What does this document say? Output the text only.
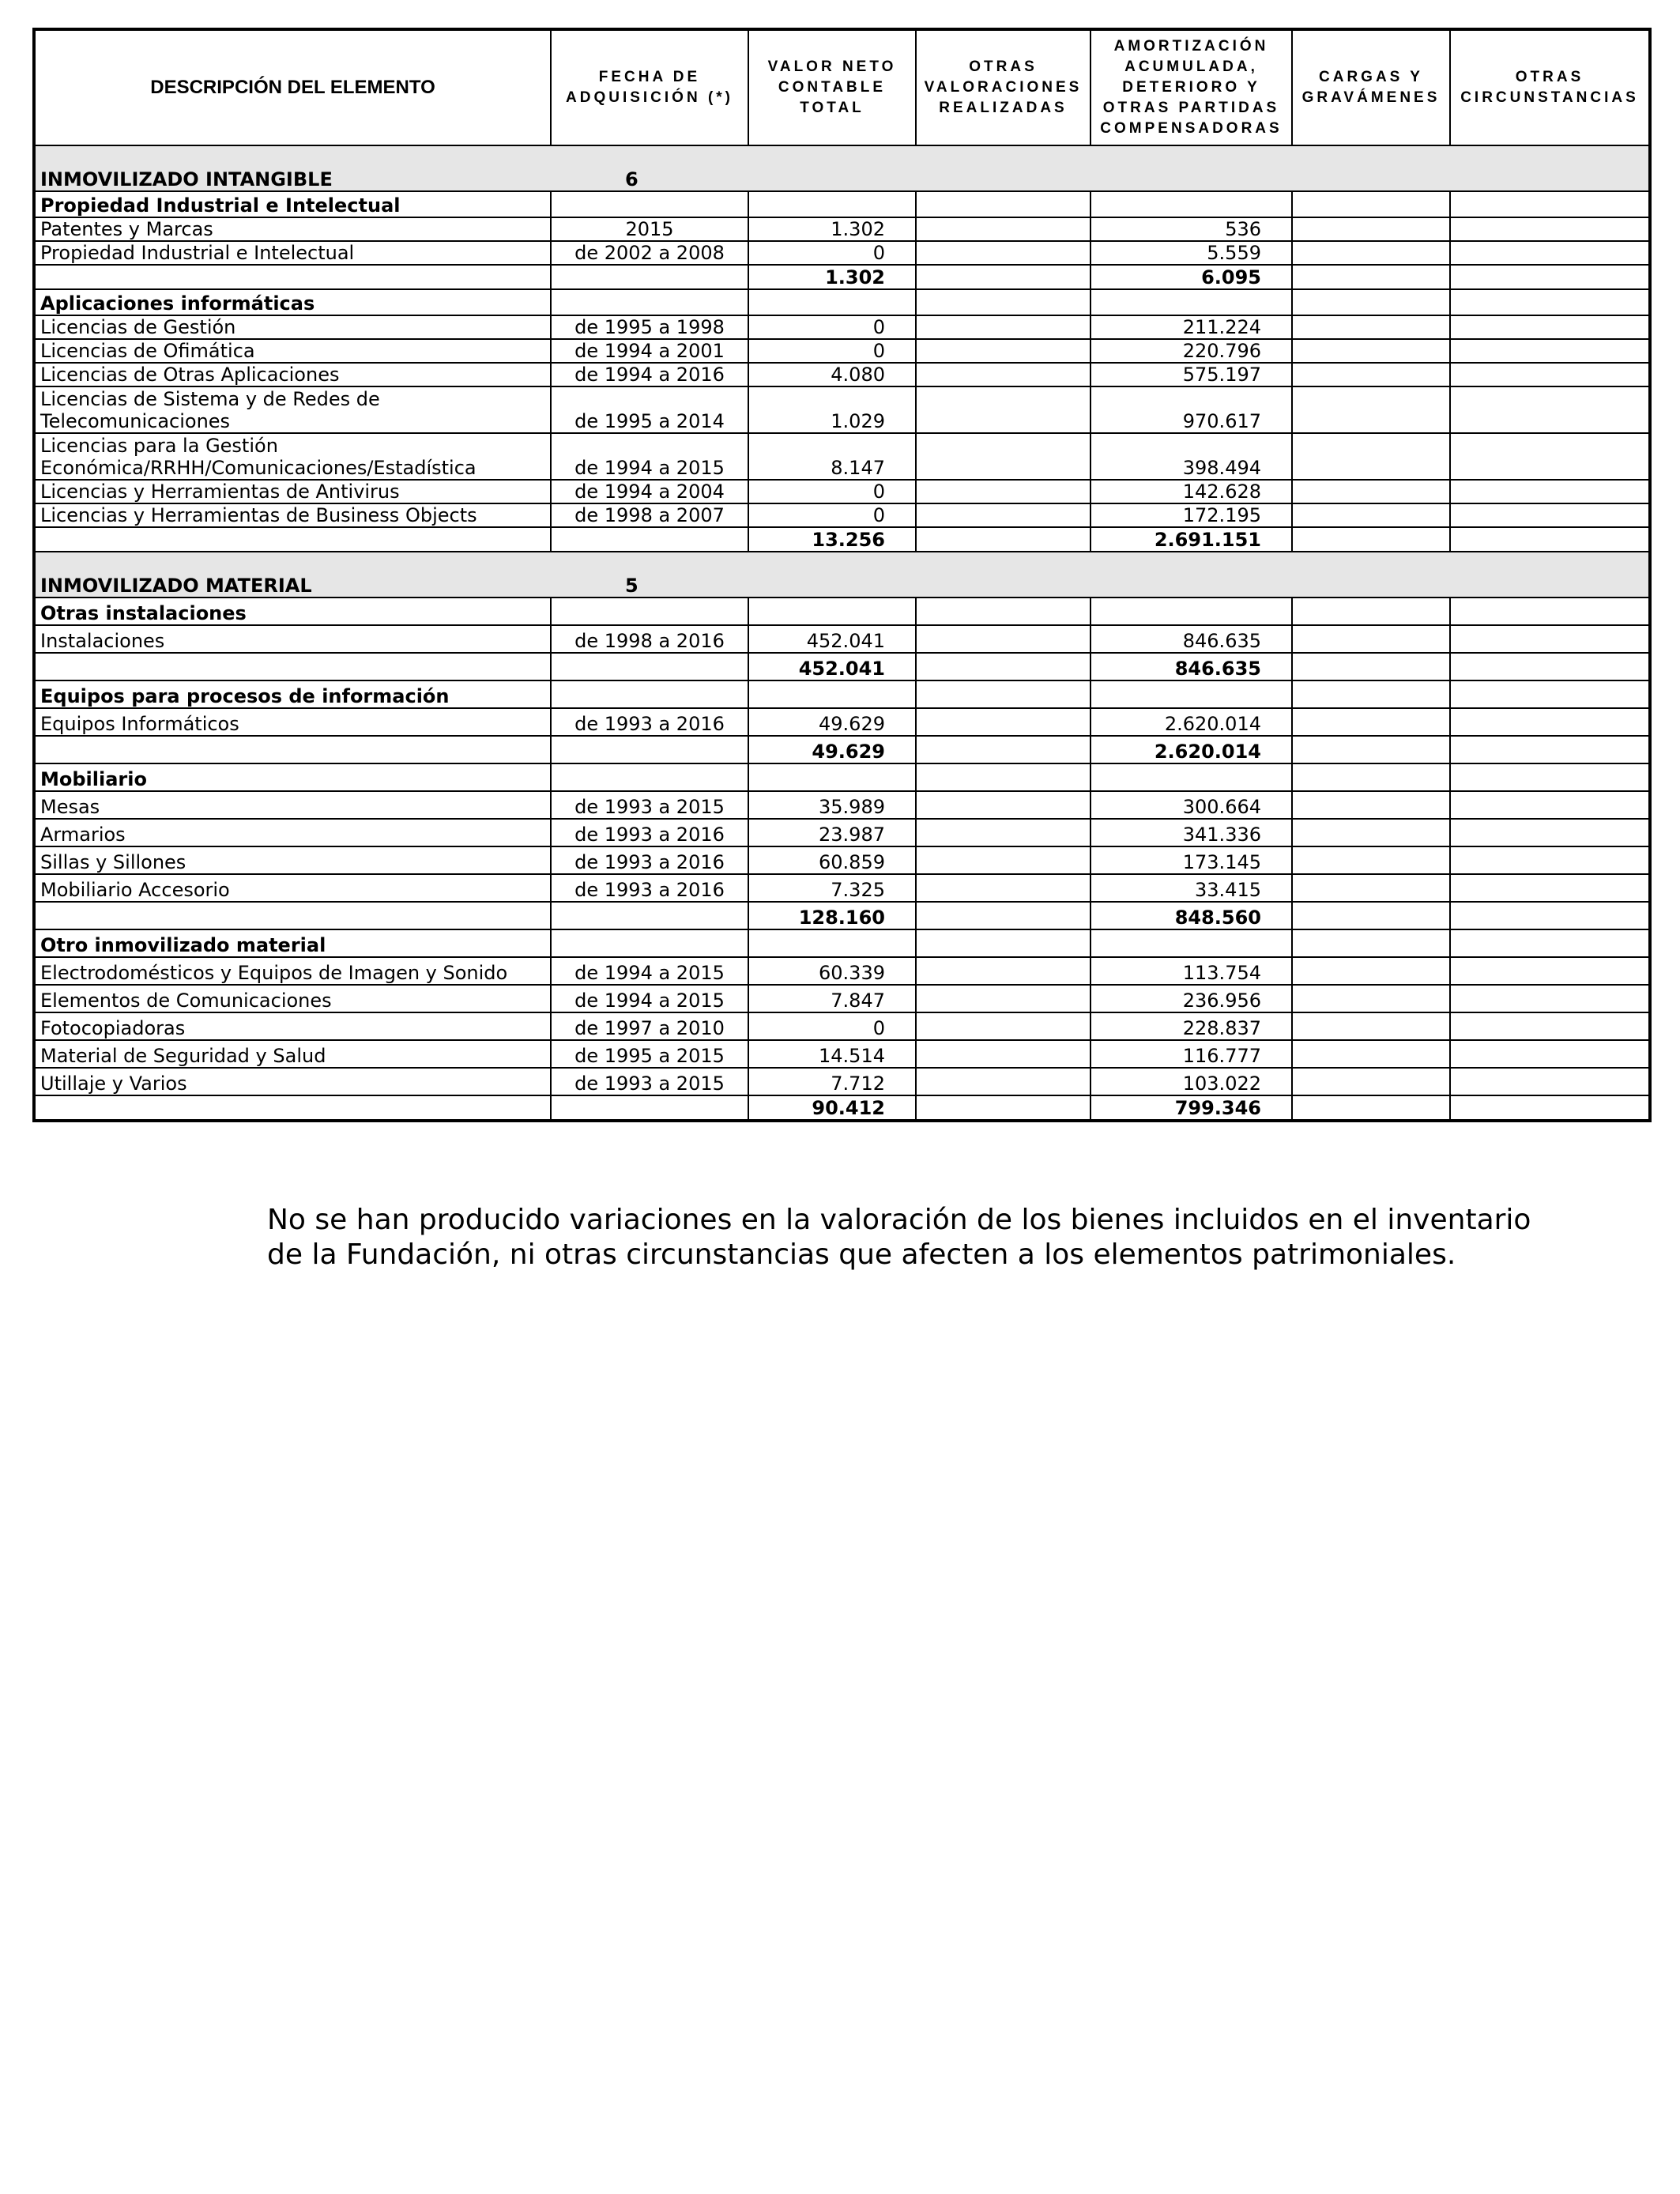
DESCRIPCIÓN DEL ELEMENTO	FECHA DE ADQUISICIÓN (*)	VALOR NETO CONTABLE TOTAL	OTRAS VALORACIONES REALIZADAS	AMORTIZACIÓN ACUMULADA, DETERIORO Y OTRAS PARTIDAS COMPENSADORAS	CARGAS Y GRAVÁMENES	OTRAS CIRCUNSTANCIAS
INMOVILIZADO INTANGIBLE 6						
Propiedad Industrial e Intelectual						
Patentes y Marcas	2015	1.302		536		
Propiedad Industrial e Intelectual	de 2002 a 2008	0		5.559		
		1.302		6.095		
Aplicaciones informáticas						
Licencias de Gestión	de 1995 a 1998	0		211.224		
Licencias de Ofimática	de 1994 a 2001	0		220.796		
Licencias de Otras Aplicaciones	de 1994 a 2016	4.080		575.197		

Licencias de Sistema y de Redes de
Telecomunicaciones	de 1995 a 2014	1.029		970.617		

Licencias para la Gestión
Económica/RRHH/Comunicaciones/Estadística	de 1994 a 2015	8.147		398.494		
Licencias y Herramientas de Antivirus	de 1994 a 2004	0		142.628		
Licencias y Herramientas de Business Objects	de 1998 a 2007	0		172.195		
		13.256		2.691.151		
INMOVILIZADO MATERIAL 5						
Otras instalaciones						
Instalaciones	de 1998 a 2016	452.041		846.635		
		452.041		846.635		
Equipos para procesos de información						
Equipos Informáticos	de 1993 a 2016	49.629		2.620.014		
		49.629		2.620.014		
Mobiliario						
Mesas	de 1993 a 2015	35.989		300.664		
Armarios	de 1993 a 2016	23.987		341.336		
Sillas y Sillones	de 1993 a 2016	60.859		173.145		
Mobiliario Accesorio	de 1993 a 2016	7.325		33.415		
		128.160		848.560		
Otro inmovilizado material						
Electrodomésticos y Equipos de Imagen y Sonido	de 1994 a 2015	60.339		113.754		
Elementos de Comunicaciones	de 1994 a 2015	7.847		236.956		
Fotocopiadoras	de 1997 a 2010	0		228.837		
Material de Seguridad y Salud	de 1995 a 2015	14.514		116.777		
Utillaje y Varios	de 1993 a 2015	7.712		103.022		
		90.412		799.346		
No se han producido variaciones en la valoración de los bienes incluidos en el inventario
de la Fundación, ni otras circunstancias que afecten a los elementos patrimoniales.
